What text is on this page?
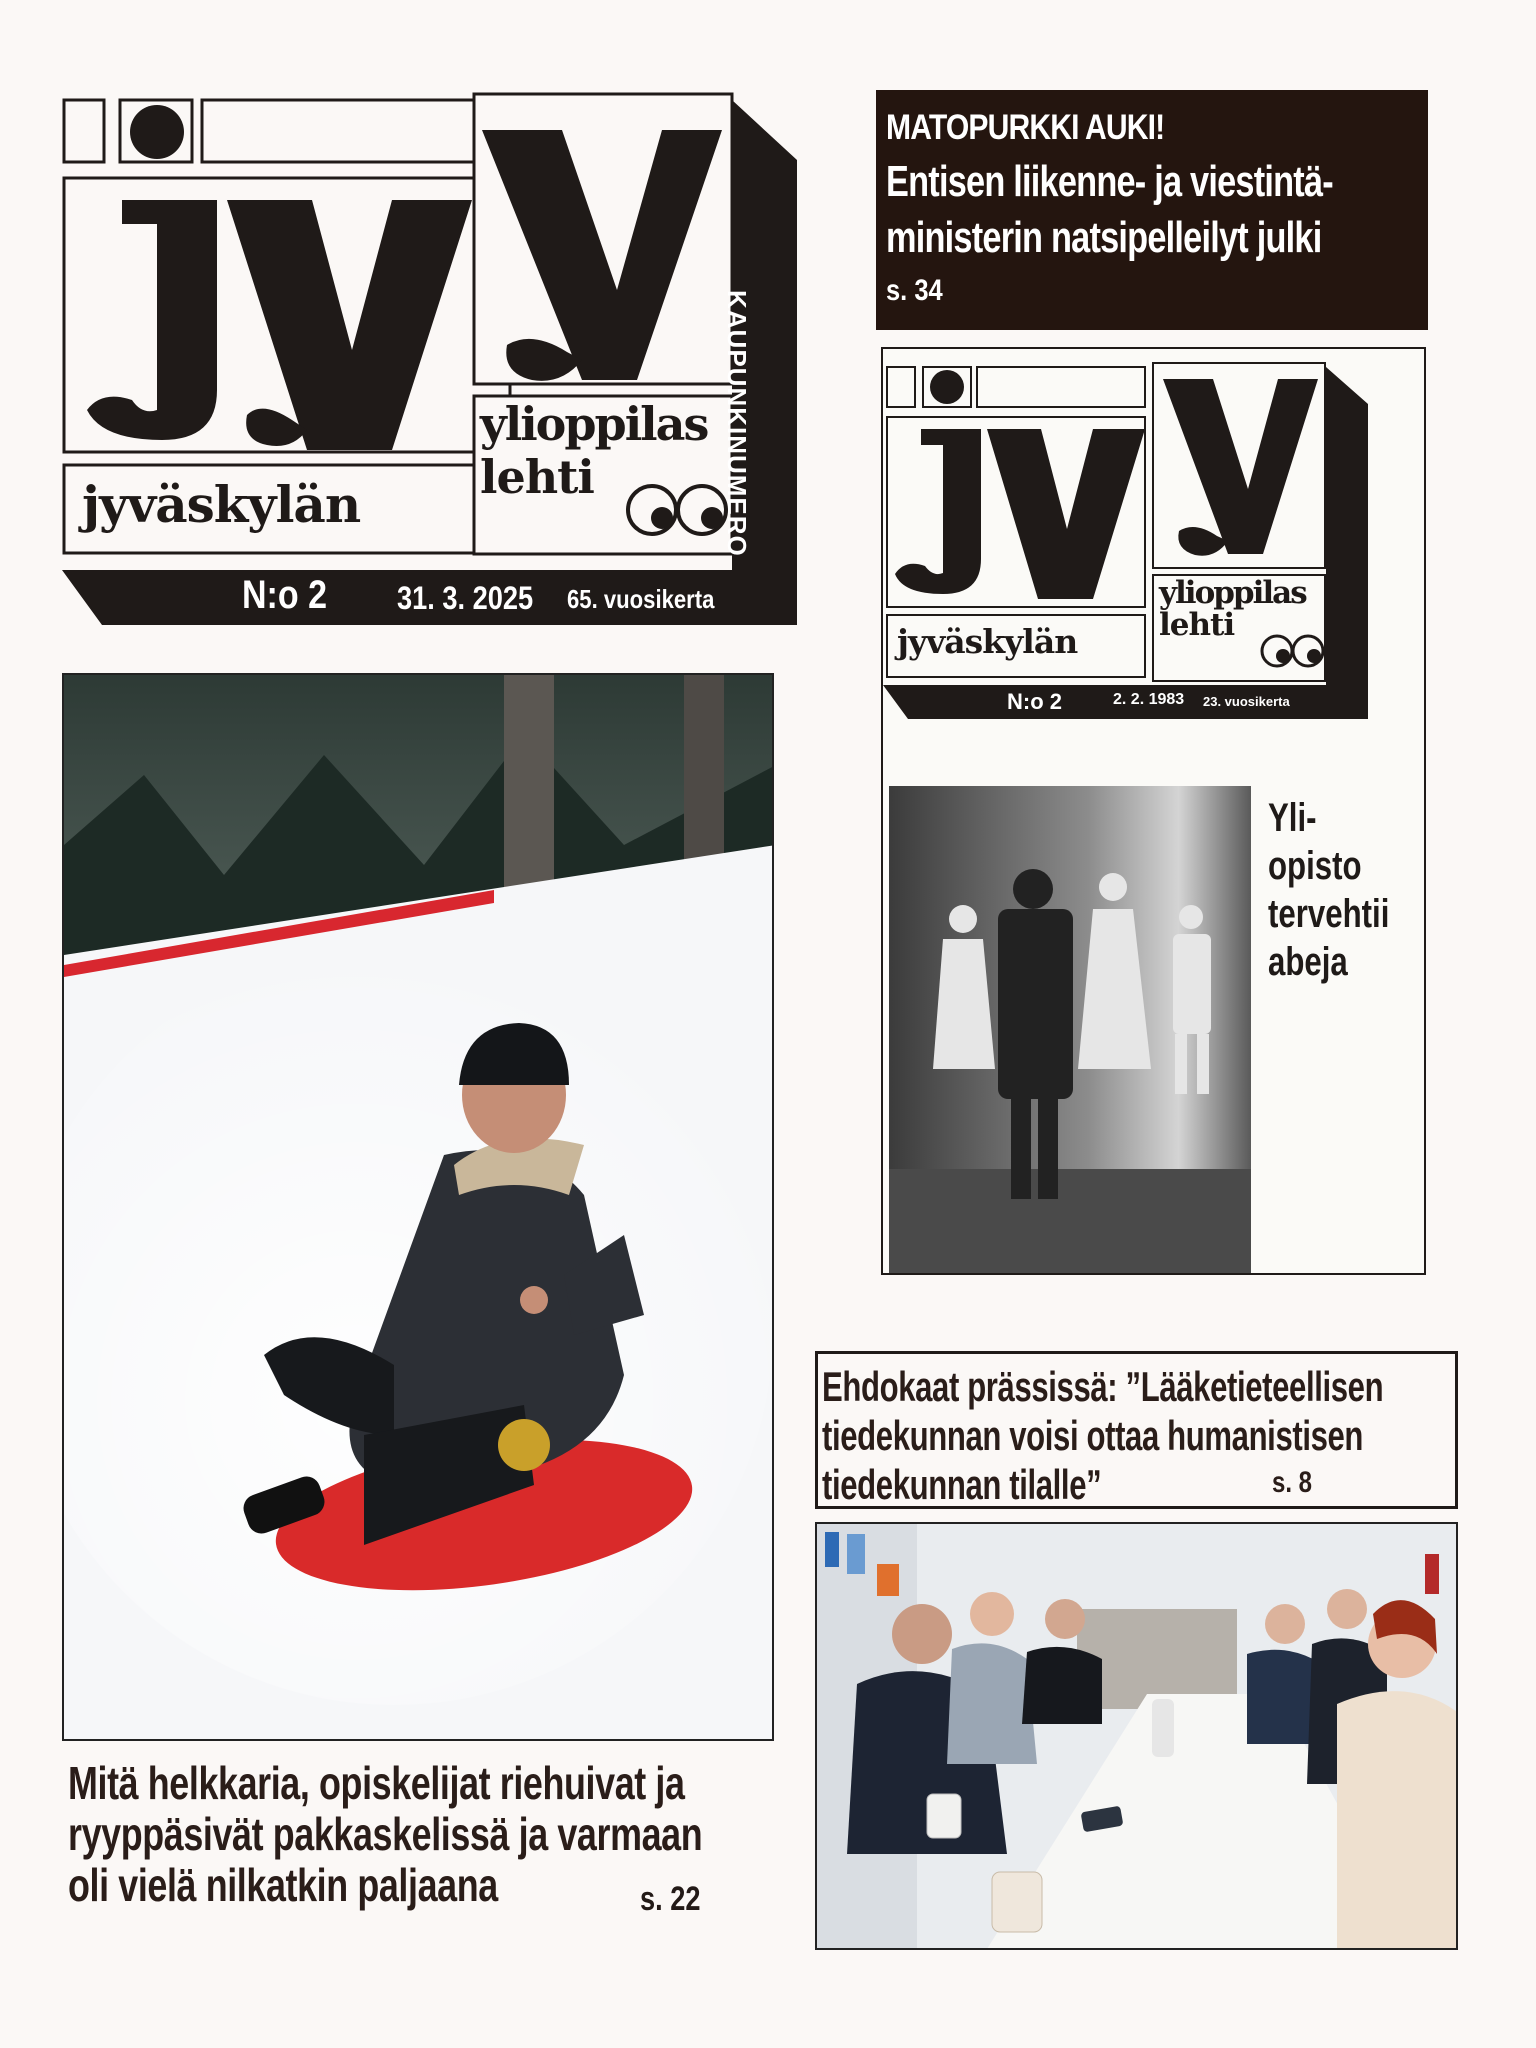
jyväskylän
ylioppilas
lehti	KAUPUNKINUMERO
N:o 2 31. 3. 2025 65. vuosikerta
MATOPURKKI AUKI!
Entisen liikenne- ja viestintä-
ministerin natsipelleilyt julki
s. 34
jyväskylän
ylioppilas
lehti
N:o 2	2. 2. 1983 23. vuosikerta
Yli-
opisto
tervehtii
abeja
Mitä helkkaria, opiskelijat riehuivat ja
ryyppäsivät pakkaskelissä ja varmaan
oli vielä nilkatkin paljaana	s. 22
Ehdokaat prässissä: ”Lääketieteellisen
tiedekunnan voisi ottaa humanistisen
tiedekunnan tilalle”	s. 8
